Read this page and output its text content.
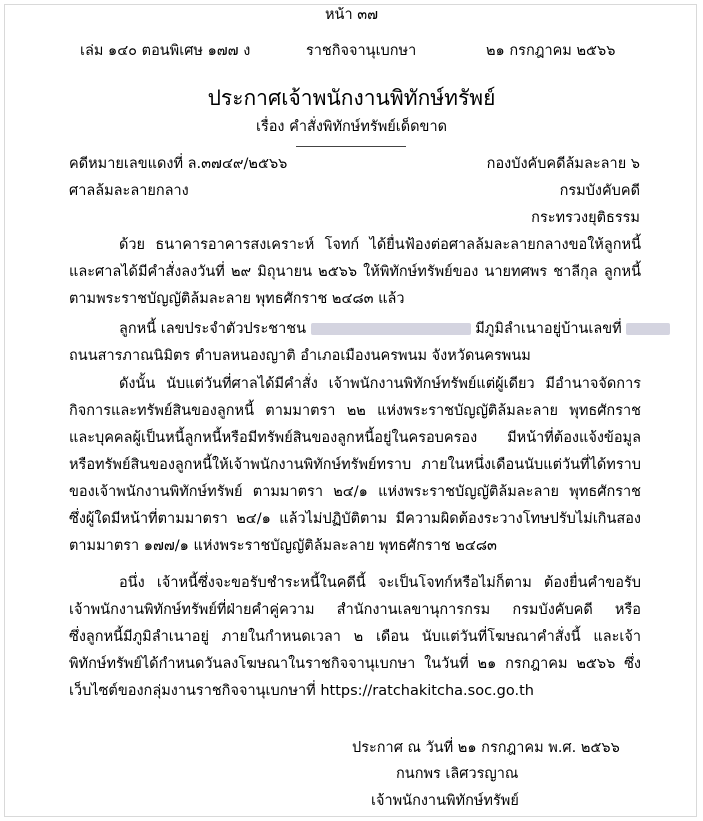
หน้า ๓๗
เล่ม ๑๔๐ ตอนพิเศษ ๑๗๗ ง	ราชกิจจานุเบกษา	๒๑ กรกฎาคม ๒๕๖๖
ประกาศเจ้าพนักงานพิทักษ์ทรัพย์
เรื่อง คำสั่งพิทักษ์ทรัพย์เด็ดขาด
คดีหมายเลขแดงที่ ล.๓๗๔๙/๒๕๖๖
ศาลล้มละลายกลาง
กองบังคับคดีล้มละลาย ๖
กรมบังคับคดี
กระทรวงยุติธรรม
ด้วย ธนาคารอาคารสงเคราะห์ โจทก์ ได้ยื่นฟ้องต่อศาลล้มละลายกลางขอให้ลูกหนี้
และศาลได้มีคำสั่งลงวันที่ ๒๙ มิถุนายน ๒๕๖๖ ให้พิทักษ์ทรัพย์ของ นายทศพร ชาลีกุล ลูกหนี้
ตามพระราชบัญญัติล้มละลาย พุทธศักราช ๒๔๘๓ แล้ว
ลูกหนี้ เลขประจำตัวประชาชน	มีภูมิลำเนาอยู่บ้านเลขที่
ถนนสารภาณนิมิตร ตำบลหนองญาติ อำเภอเมืองนครพนม จังหวัดนครพนม
ดังนั้น นับแต่วันที่ศาลได้มีคำสั่ง เจ้าพนักงานพิทักษ์ทรัพย์แต่ผู้เดียว มีอำนาจจัดการ
กิจการและทรัพย์สินของลูกหนี้ ตามมาตรา ๒๒ แห่งพระราชบัญญัติล้มละลาย พุทธศักราช
และบุคคลผู้เป็นหนี้ลูกหนี้หรือมีทรัพย์สินของลูกหนี้อยู่ในครอบครอง มีหน้าที่ต้องแจ้งข้อมูล
หรือทรัพย์สินของลูกหนี้ให้เจ้าพนักงานพิทักษ์ทรัพย์ทราบ ภายในหนึ่งเดือนนับแต่วันที่ได้ทราบ
ของเจ้าพนักงานพิทักษ์ทรัพย์ ตามมาตรา ๒๔/๑ แห่งพระราชบัญญัติล้มละลาย พุทธศักราช
ซึ่งผู้ใดมีหน้าที่ตามมาตรา ๒๔/๑ แล้วไม่ปฏิบัติตาม มีความผิดต้องระวางโทษปรับไม่เกินสอง
ตามมาตรา ๑๗๗/๑ แห่งพระราชบัญญัติล้มละลาย พุทธศักราช ๒๔๘๓
อนึ่ง เจ้าหนี้ซึ่งจะขอรับชำระหนี้ในคดีนี้ จะเป็นโจทก์หรือไม่ก็ตาม ต้องยื่นคำขอรับ
เจ้าพนักงานพิทักษ์ทรัพย์ที่ฝ่ายคำคู่ความ สำนักงานเลขานุการกรม กรมบังคับคดี หรือ
ซึ่งลูกหนี้มีภูมิลำเนาอยู่ ภายในกำหนดเวลา ๒ เดือน นับแต่วันที่โฆษณาคำสั่งนี้ และเจ้า
พิทักษ์ทรัพย์ได้กำหนดวันลงโฆษณาในราชกิจจานุเบกษา ในวันที่ ๒๑ กรกฎาคม ๒๕๖๖ ซึ่ง
เว็บไซต์ของกลุ่มงานราชกิจจานุเบกษาที่ https://ratchakitcha.soc.go.th
ประกาศ ณ วันที่ ๒๑ กรกฎาคม พ.ศ. ๒๕๖๖
กนกพร เลิศวรญาณ
เจ้าพนักงานพิทักษ์ทรัพย์
